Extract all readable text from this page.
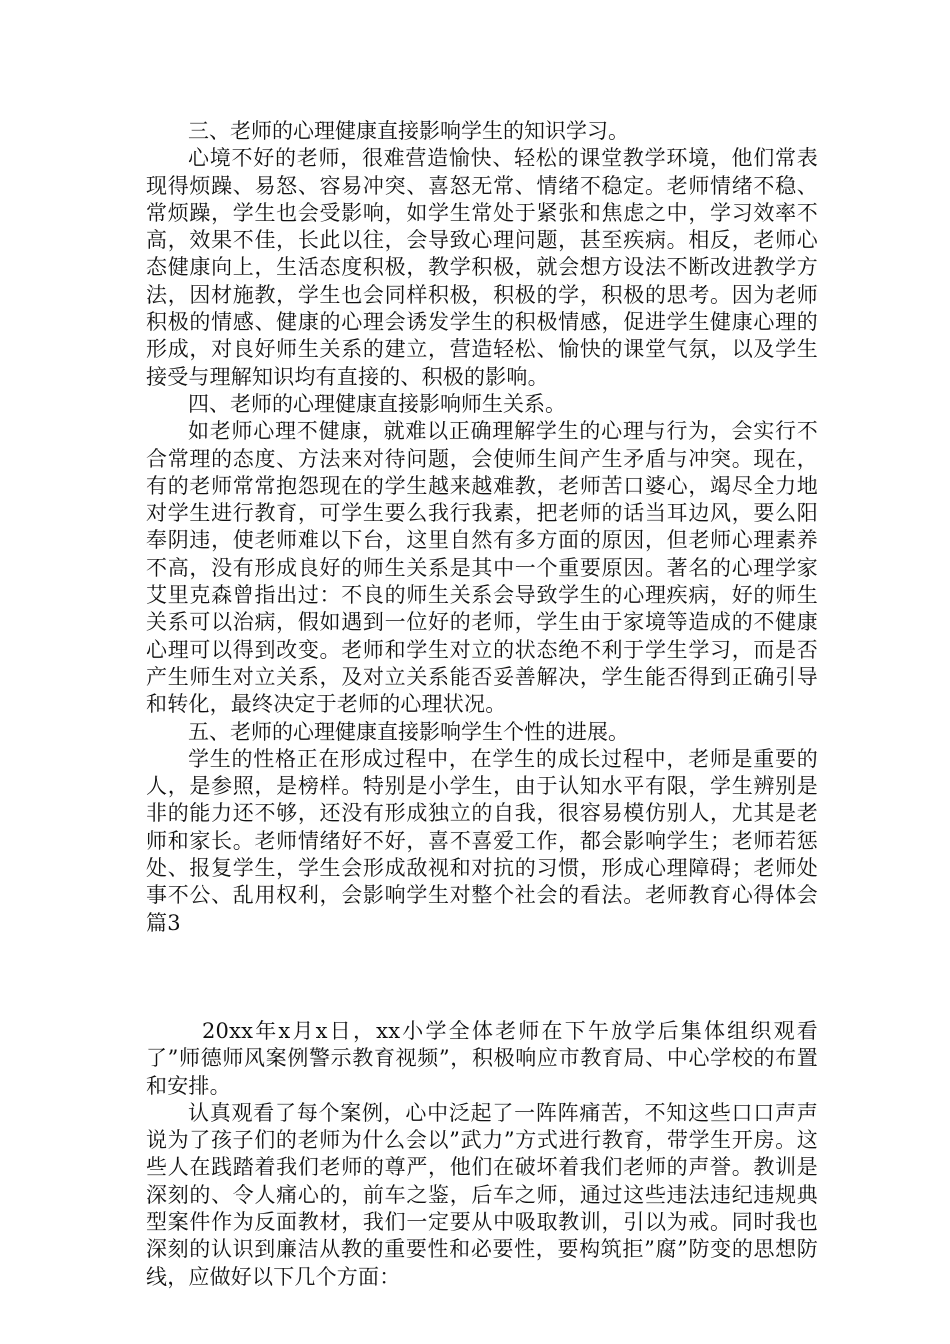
三、老师的心理健康直接影响学生的知识学习。

心境不好的老师，很难营造愉快、轻松的课堂教学环境，他们常表现得烦躁、易怒、容易冲突、喜怒无常、情绪不稳定。老师情绪不稳、常烦躁，学生也会受影响，如学生常处于紧张和焦虑之中，学习效率不高，效果不佳，长此以往，会导致心理问题，甚至疾病。相反，老师心态健康向上，生活态度积极，教学积极，就会想方设法不断改进教学方法，因材施教，学生也会同样积极，积极的学，积极的思考。因为老师积极的情感、健康的心理会诱发学生的积极情感，促进学生健康心理的形成，对良好师生关系的建立，营造轻松、愉快的课堂气氛，以及学生接受与理解知识均有直接的、积极的影响。

四、老师的心理健康直接影响师生关系。

如老师心理不健康，就难以正确理解学生的心理与行为，会实行不合常理的态度、方法来对待问题，会使师生间产生矛盾与冲突。现在，有的老师常常抱怨现在的学生越来越难教，老师苦口婆心，竭尽全力地对学生进行教育，可学生要么我行我素，把老师的话当耳边风，要么阳奉阴违，使老师难以下台，这里自然有多方面的原因，但老师心理素养不高，没有形成良好的师生关系是其中一个重要原因。著名的心理学家艾里克森曾指出过：不良的师生关系会导致学生的心理疾病，好的师生关系可以治病，假如遇到一位好的老师，学生由于家境等造成的不健康心理可以得到改变。老师和学生对立的状态绝不利于学生学习，而是否产生师生对立关系，及对立关系能否妥善解决，学生能否得到正确引导和转化，最终决定于老师的心理状况。

五、老师的心理健康直接影响学生个性的进展。

学生的性格正在形成过程中，在学生的成长过程中，老师是重要的人，是参照，是榜样。特别是小学生，由于认知水平有限，学生辨别是非的能力还不够，还没有形成独立的自我，很容易模仿别人，尤其是老师和家长。老师情绪好不好，喜不喜爱工作，都会影响学生；老师若惩处、报复学生，学生会形成敌视和对抗的习惯，形成心理障碍；老师处事不公、乱用权利，会影响学生对整个社会的看法。老师教育心得体会 篇3

20xx年x月x日，xx小学全体老师在下午放学后集体组织观看了”师德师风案例警示教育视频”，积极响应市教育局、中心学校的布置和安排。

认真观看了每个案例，心中泛起了一阵阵痛苦，不知这些口口声声说为了孩子们的老师为什么会以”武力”方式进行教育，带学生开房。这些人在践踏着我们老师的尊严，他们在破坏着我们老师的声誉。教训是深刻的、令人痛心的，前车之鉴，后车之师，通过这些违法违纪违规典型案件作为反面教材，我们一定要从中吸取教训，引以为戒。同时我也深刻的认识到廉洁从教的重要性和必要性，要构筑拒”腐”防变的思想防线，应做好以下几个方面：
